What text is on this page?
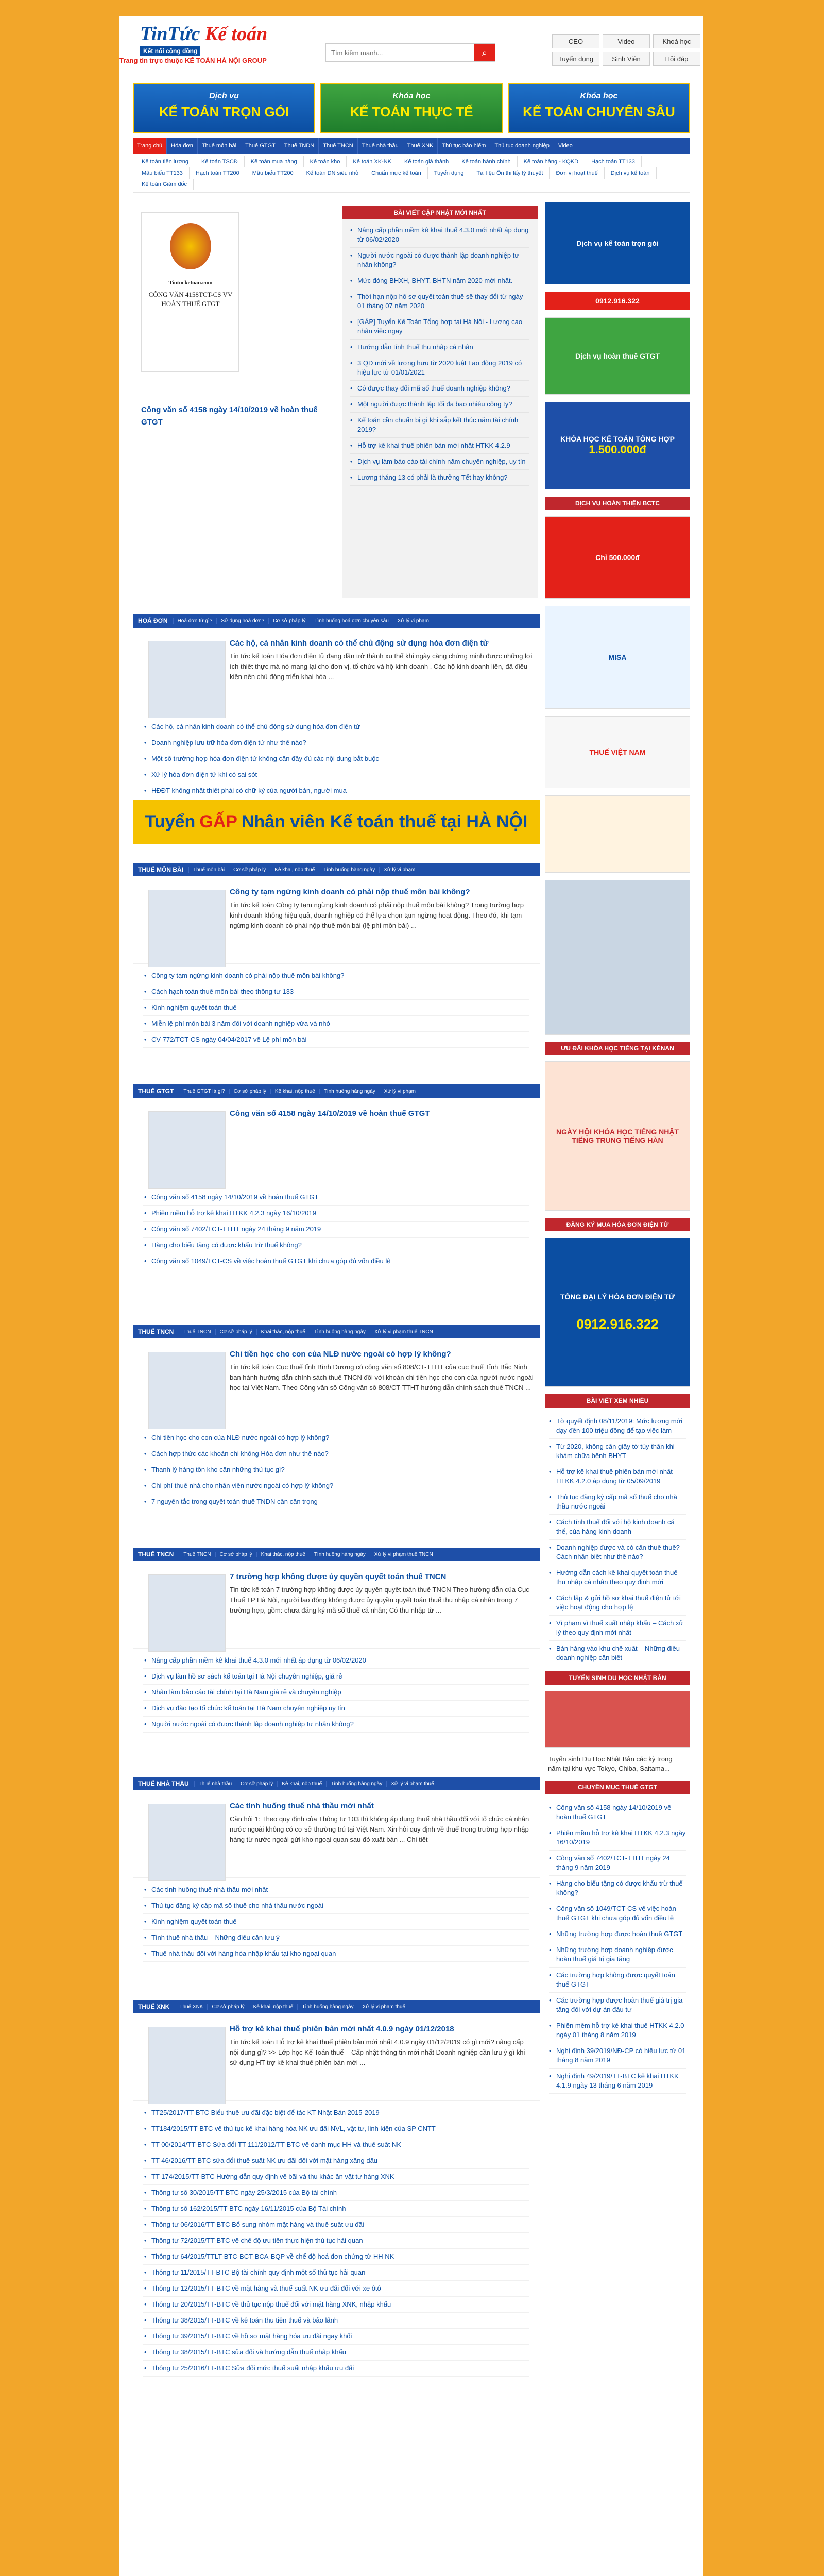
TinTức Kế toán
Kết nối cộng đồng
Trang tin trực thuộc KẾ TOÁN HÀ NỘI GROUP
Tìm kiếm mạnh...
⌕
CEO	Video	Khoá học
Tuyển dụng	Sinh Viên	Hỏi đáp
Dịch vụ
KẾ TOÁN TRỌN GÓI
Khóa học
KẾ TOÁN THỰC TẾ
Khóa học
KẾ TOÁN CHUYÊN SÂU
Trang chủ	Hóa đơn	Thuế môn bài	Thuế GTGT	Thuế TNDN	Thuế TNCN	Thuế nhà thầu	Thuế XNK	Thủ tục bảo hiểm	Thủ tục doanh nghiệp	Video
Kế toán tiền lương	Kế toán TSCĐ	Kế toán mua hàng	Kế toán kho	Kế toán XK-NK	Kế toán giá thành	Kế toán hành chính	Kế toán hàng - KQKD	Hạch toán TT133
Mẫu biểu TT133	Hạch toán TT200	Mẫu biểu TT200	Kế toán DN siêu nhỏ	Chuẩn mực kế toán	Tuyển dụng	Tài liệu Ôn thi lấy lý thuyết	Đơn vị hoạt thuế	Dịch vụ kế toán
Kế toán Giám đốc
Tintucketoan.com
CÔNG VĂN 4158TCT-CS VV HOÀN THUẾ GTGT
Công văn số 4158 ngày 14/10/2019 về hoàn thuế GTGT
BÀI VIẾT CẬP NHẬT MỚI NHẤT
• Nâng cấp phần mềm kê khai thuế 4.3.0 mới nhất áp dụng từ 06/02/2020
• Người nước ngoài có được thành lập doanh nghiệp tư nhân không?
• Mức đóng BHXH, BHYT, BHTN năm 2020 mới nhất.
• Thời hạn nộp hồ sơ quyết toán thuế sẽ thay đổi từ ngày 01 tháng 07 năm 2020
• [GÁP] Tuyển Kế Toán Tổng hợp tại Hà Nội - Lương cao nhận việc ngay
• Hướng dẫn tính thuế thu nhập cá nhân
• 3 QĐ mới về lương hưu từ 2020 luật Lao động 2019 có hiệu lực từ 01/01/2021
• Có được thay đổi mã số thuế doanh nghiệp không?
• Một người được thành lập tối đa bao nhiêu công ty?
• Kế toán cần chuẩn bị gì khi sắp kết thúc năm tài chính 2019?
• Hỗ trợ kê khai thuế phiên bản mới nhất HTKK 4.2.9
• Dịch vụ làm báo cáo tài chính năm chuyên nghiệp, uy tín
• Lương tháng 13 có phải là thưởng Tết hay không?
HOÁ ĐƠN	Hoá đơn từ gì?	Sử dụng hoá đơn?	Cơ sở pháp lý	Tình huống hoá đơn chuyên sâu	Xử lý vi phạm
Các hộ, cá nhân kinh doanh có thể chủ động sử dụng hóa đơn điện tử
Tin tức kế toán Hóa đơn điện tử đang dần trở thành xu thế khi ngày càng chứng minh được những lợi ích thiết thực mà nó mang lại cho đơn vị, tổ chức và hộ kinh doanh . Các hộ kinh doanh liên, đã điều kiện nên chủ động triển khai hóa ...
• Các hộ, cá nhân kinh doanh có thể chủ động sử dụng hóa đơn điện tử
• Doanh nghiệp lưu trữ hóa đơn điện tử như thế nào?
• Một số trường hợp hóa đơn điện tử không cần đầy đủ các nội dung bắt buộc
• Xử lý hóa đơn điện tử khi có sai sót
• HĐĐT không nhất thiết phải có chữ ký của người bán, người mua
Tuyển GẤP Nhân viên Kế toán thuế tại HÀ NỘI
THUẾ MÔN BÀI	Thuế môn bài	Cơ sở pháp lý	Kê khai, nộp thuế	Tình huống hàng ngày	Xử lý vi phạm
Công ty tạm ngừng kinh doanh có phải nộp thuế môn bài không?
Tin tức kế toán Công ty tạm ngừng kinh doanh có phải nộp thuế môn bài không? Trong trường hợp kinh doanh không hiệu quả, doanh nghiệp có thể lựa chọn tạm ngừng hoạt động. Theo đó, khi tạm ngừng kinh doanh có phải nộp thuế môn bài (lệ phí môn bài) ...
• Công ty tạm ngừng kinh doanh có phải nộp thuế môn bài không?
• Cách hạch toán thuế môn bài theo thông tư 133
• Kinh nghiệm quyết toán thuế
• Miễn lệ phí môn bài 3 năm đối với doanh nghiệp vừa và nhỏ
• CV 772/TCT-CS ngày 04/04/2017 về Lệ phí môn bài
THUẾ GTGT	Thuế GTGT là gì?	Cơ sở pháp lý	Kê khai, nộp thuế	Tình huống hàng ngày	Xử lý vi phạm
Công văn số 4158 ngày 14/10/2019 về hoàn thuế GTGT
• Công văn số 4158 ngày 14/10/2019 về hoàn thuế GTGT
• Phiên mềm hỗ trợ kê khai HTKK 4.2.3 ngày 16/10/2019
• Công văn số 7402/TCT-TTHT ngày 24 tháng 9 năm 2019
• Hàng cho biếu tặng có được khấu trừ thuế không?
• Công văn số 1049/TCT-CS về việc hoàn thuế GTGT khi chưa góp đủ vốn điều lệ
THUẾ TNCN	Thuế TNCN	Cơ sở pháp lý	Khai thác, nộp thuế	Tình huống hàng ngày	Xử lý vi phạm thuế TNCN
Chi tiền học cho con của NLĐ nước ngoài có hợp lý không?
Tin tức kế toán Cục thuế tỉnh Bình Dương có công văn số 808/CT-TTHT của cục thuế Tỉnh Bắc Ninh ban hành hướng dẫn chính sách thuế TNCN đối với khoản chi tiền học cho con của người nước ngoài học tại Việt Nam. Theo Công văn số Công văn số 808/CT-TTHT hướng dẫn chính sách thuế TNCN ...
• Chi tiền học cho con của NLĐ nước ngoài có hợp lý không?
• Cách hợp thức các khoản chi không Hóa đơn như thế nào?
• Thanh lý hàng tồn kho cần những thủ tục gì?
• Chi phí thuê nhà cho nhân viên nước ngoài có hợp lý không?
• 7 nguyên tắc trong quyết toán thuế TNDN cần cần trọng
THUẾ TNCN	Thuế TNCN	Cơ sở pháp lý	Khai thác, nộp thuế	Tình huống hàng ngày	Xử lý vi phạm thuế TNCN
7 trường hợp không được ủy quyền quyết toán thuế TNCN
Tin tức kế toán 7 trường hợp không được ủy quyền quyết toán thuế TNCN Theo hướng dẫn của Cục Thuế TP Hà Nội, người lao động không được ủy quyền quyết toán thuế thu nhập cá nhân trong 7 trường hợp, gồm: chưa đăng ký mã số thuế cá nhân; Có thu nhập từ ...
• Nâng cấp phần mềm kê khai thuế 4.3.0 mới nhất áp dụng từ 06/02/2020
• Dịch vụ làm hồ sơ sách kế toán tại Hà Nội chuyên nghiệp, giá rẻ
• Nhân làm bảo cáo tài chính tại Hà Nam giá rẻ và chuyên nghiệp
• Dịch vụ đào tạo tổ chức kế toán tại Hà Nam chuyên nghiệp uy tín
• Người nước ngoài có được thành lập doanh nghiệp tư nhân không?
THUẾ NHÀ THẦU	Thuế nhà thầu	Cơ sở pháp lý	Kê khai, nộp thuế	Tình huống hàng ngày	Xử lý vi phạm thuế
Các tình huống thuế nhà thầu mới nhất
Căn hỏi 1: Theo quy định của Thông tư 103 thì không áp dụng thuế nhà thầu đối với tổ chức cá nhân nước ngoài không có cơ sở thường trú tại Việt Nam. Xin hỏi quy định về thuế trong trường hợp nhập hàng từ nước ngoài gửi kho ngoại quan sau đó xuất bán ... Chi tiết
• Các tình huống thuế nhà thầu mới nhất
• Thủ tục đăng ký cấp mã số thuế cho nhà thầu nước ngoài
• Kinh nghiệm quyết toán thuế
• Tính thuế nhà thầu – Những điều cần lưu ý
• Thuế nhà thầu đối với hàng hóa nhập khẩu tại kho ngoại quan
THUẾ XNK	Thuế XNK	Cơ sở pháp lý	Kê khai, nộp thuế	Tình huống hàng ngày	Xử lý vi phạm thuế
Hỗ trợ kê khai thuế phiên bản mới nhất 4.0.9 ngày 01/12/2018
Tin tức kế toán Hỗ trợ kê khai thuế phiên bản mới nhất 4.0.9 ngày 01/12/2019 có gì mới? nâng cấp nội dung gì? >> Lớp học Kế Toán thuế – Cấp nhật thông tin mới nhất Doanh nghiệp cần lưu ý gì khi sử dụng HT trợ kê khai thuế phiên bản mới ...
• TT25/2017/TT-BTC Biểu thuế ưu đãi đặc biệt để tác KT Nhật Bản 2015-2019
• TT184/2015/TT-BTC về thủ tục kê khai hàng hóa NK ưu đãi NVL, vật tư, linh kiện của SP CNTT
• TT 00/2014/TT-BTC Sửa đổi TT 111/2012/TT-BTC về danh mục HH và thuế suất NK
• TT 46/2016/TT-BTC sửa đổi thuế suất NK ưu đãi đối với mặt hàng xăng dầu
• TT 174/2015/TT-BTC Hướng dẫn quy định về bãi và thu khác ăn vật tư hàng XNK
• Thông tư số 30/2015/TT-BTC ngày 25/3/2015 của Bộ tài chính
• Thông tư số 162/2015/TT-BTC ngày 16/11/2015 của Bộ Tài chính
• Thông tư 06/2016/TT-BTC Bổ sung nhóm mặt hàng và thuế suất ưu đãi
• Thông tư 72/2015/TT-BTC về chế độ ưu tiên thực hiện thủ tục hải quan
• Thông tư 64/2015/TTLT-BTC-BCT-BCA-BQP về chế độ hoá đơn chứng từ HH NK
• Thông tư 11/2015/TT-BTC Bộ tài chính quy định một số thủ tục hải quan
• Thông tư 12/2015/TT-BTC về mặt hàng và thuế suất NK ưu đãi đối với xe ôtô
• Thông tư 20/2015/TT-BTC về thủ tục nộp thuế đối với mặt hàng XNK, nhập khẩu
• Thông tư 38/2015/TT-BTC về kê toán thu tiên thuế và bảo lãnh
• Thông tư 39/2015/TT-BTC về hồ sơ mặt hàng hóa ưu đãi ngay khối
• Thông tư 38/2015/TT-BTC sửa đổi và hướng dẫn thuế nhập khẩu
• Thông tư 25/2016/TT-BTC Sửa đổi mức thuế suất nhập khẩu ưu đãi
Dịch vụ kế toán trọn gói
0912.916.322
Dịch vụ hoàn thuế GTGT
KHÓA HỌC KẾ TOÁN TỔNG HỢP
1.500.000đ
DỊCH VỤ HOÀN THIỆN BCTC
Chỉ 500.000đ
MISA
THUẾ VIỆT NAM
ƯU ĐÃI KHÓA HỌC TIẾNG TẠI KÉNAN
NGÀY HỘI KHÓA HỌC TIẾNG NHẬT TIẾNG TRUNG TIẾNG HÀN
ĐĂNG KÝ MUA HÓA ĐƠN ĐIỆN TỬ
TỔNG ĐẠI LÝ HÓA ĐƠN ĐIỆN TỬ
0912.916.322
BÀI VIẾT XEM NHIỀU
• Tờ quyết định 08/11/2019: Mức lương mới dạy đền 100 triệu đồng để tạo việc làm
• Từ 2020, không cần giấy tờ tùy thân khi khám chữa bệnh BHYT
• Hỗ trợ kê khai thuế phiên bản mới nhất HTKK 4.2.0 áp dụng từ 05/09/2019
• Thủ tục đăng ký cấp mã số thuế cho nhà thầu nước ngoài
• Cách tính thuế đối với hộ kinh doanh cá thể, của hàng kinh doanh
• Doanh nghiệp được và có cần thuế thuế? Cách nhận biết như thế nào?
• Hướng dẫn cách kê khai quyết toán thuế thu nhập cá nhân theo quy định mới
• Cách lập & gửi hồ sơ khai thuế điện tử tới việc hoạt động cho hợp lệ
• Vì phạm vì thuế xuất nhập khẩu – Cách xử lý theo quy định mới nhất
• Bản hàng vào khu chế xuất – Những điều doanh nghiệp cần biết
TUYỂN SINH DU HỌC NHẬT BẢN

Tuyển sinh Du Học Nhật Bản các kỳ trong năm tại khu vực Tokyo, Chiba, Saitama...

CHUYÊN MỤC THUẾ GTGT
• Công văn số 4158 ngày 14/10/2019 về hoàn thuế GTGT
• Phiên mềm hỗ trợ kê khai HTKK 4.2.3 ngày 16/10/2019
• Công văn số 7402/TCT-TTHT ngày 24 tháng 9 năm 2019
• Hàng cho biếu tặng có được khấu trừ thuế không?
• Công văn số 1049/TCT-CS về việc hoàn thuế GTGT khi chưa góp đủ vốn điều lệ
• Những trường hợp được hoàn thuế GTGT
• Những trường hợp doanh nghiệp được hoàn thuế giá trị gia tăng
• Các trường hợp không được quyết toán thuế GTGT
• Các trường hợp được hoàn thuế giá trị gia tăng đối với dự án đầu tư
• Phiên mềm hỗ trợ kê khai thuế HTKK 4.2.0 ngày 01 tháng 8 năm 2019
• Nghị định 39/2019/NĐ-CP có hiệu lực từ 01 tháng 8 năm 2019
• Nghị định 49/2019/TT-BTC kê khai HTKK 4.1.9 ngày 13 tháng 6 năm 2019
